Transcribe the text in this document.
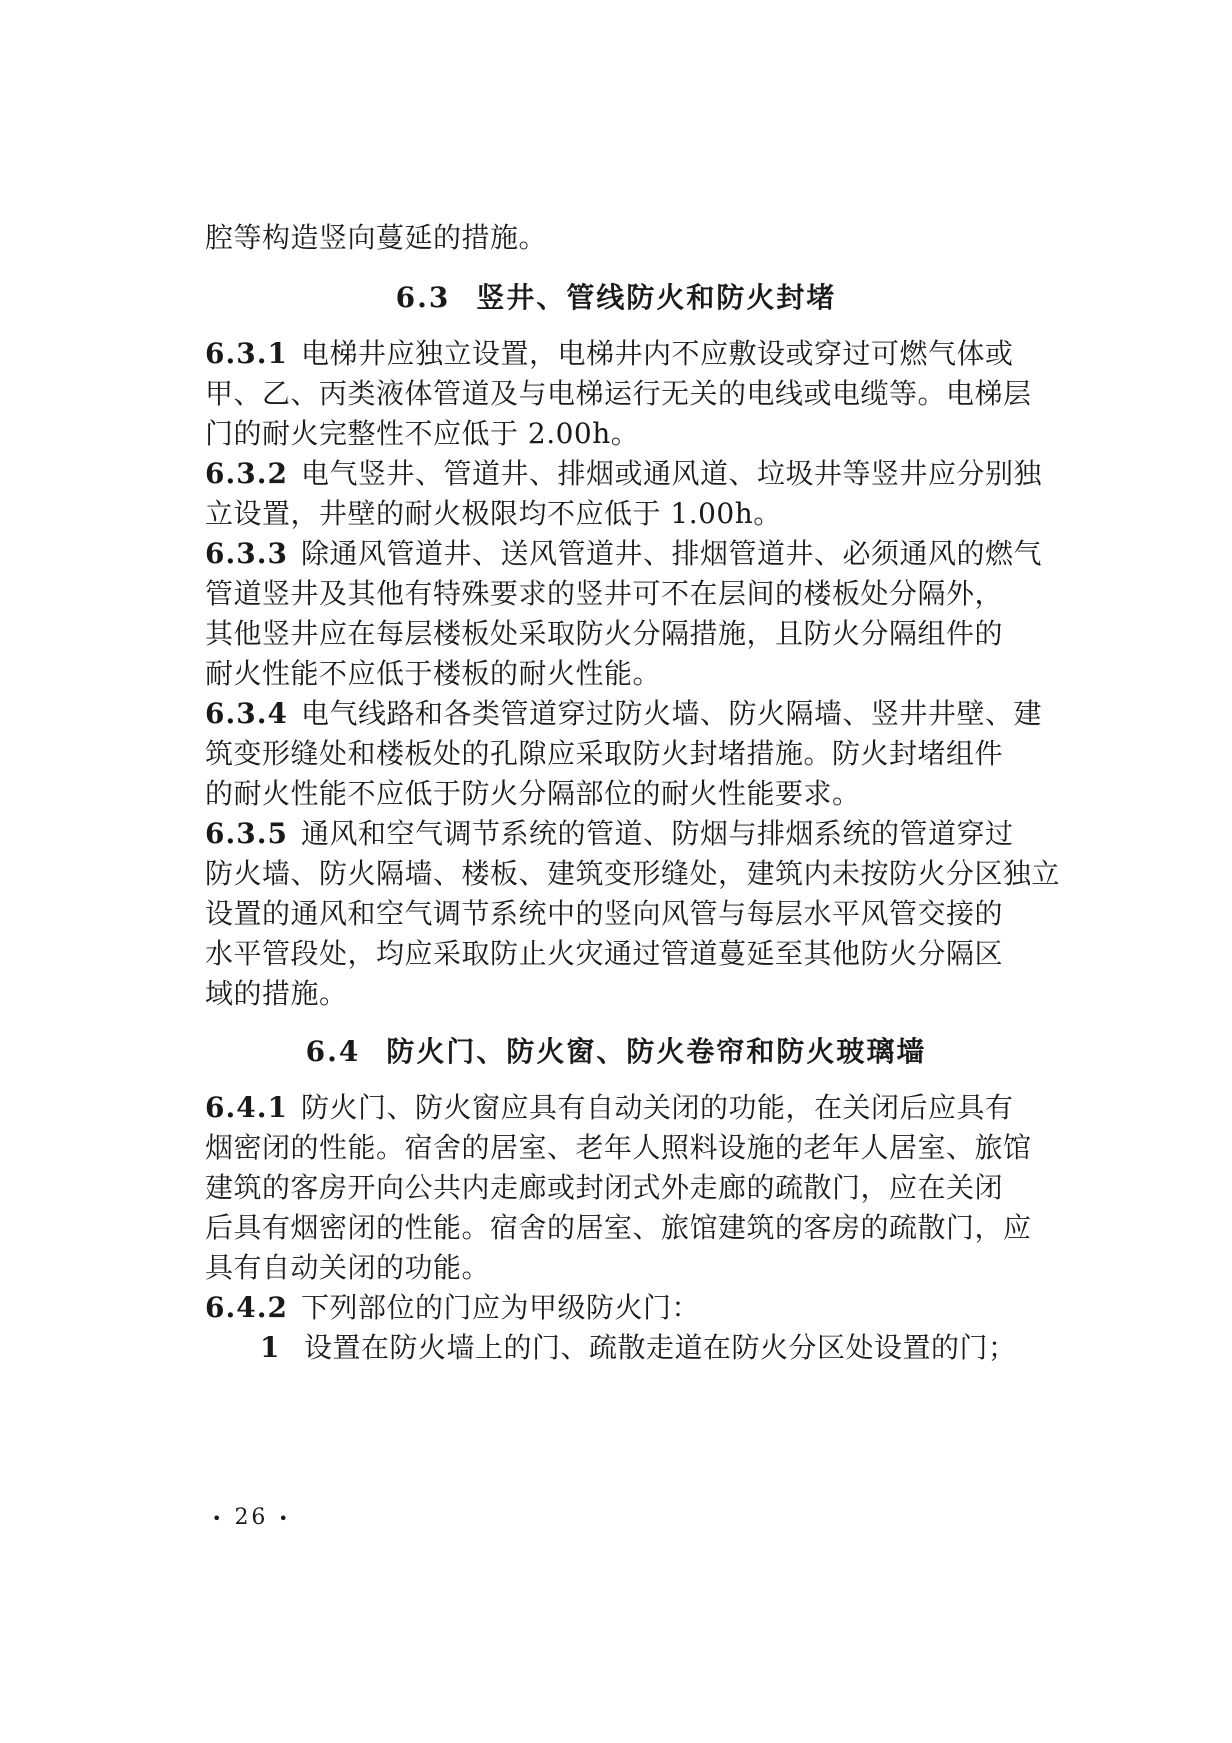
腔等构造竖向蔓延的措施。
6.3 竖井、管线防火和防火封堵
6.3.1 电梯井应独立设置，电梯井内不应敷设或穿过可燃气体或
甲、乙、丙类液体管道及与电梯运行无关的电线或电缆等。电梯层
门的耐火完整性不应低于 2.00h。
6.3.2 电气竖井、管道井、排烟或通风道、垃圾井等竖井应分别独
立设置，井壁的耐火极限均不应低于 1.00h。
6.3.3 除通风管道井、送风管道井、排烟管道井、必须通风的燃气
管道竖井及其他有特殊要求的竖井可不在层间的楼板处分隔外，
其他竖井应在每层楼板处采取防火分隔措施，且防火分隔组件的
耐火性能不应低于楼板的耐火性能。
6.3.4 电气线路和各类管道穿过防火墙、防火隔墙、竖井井壁、建
筑变形缝处和楼板处的孔隙应采取防火封堵措施。防火封堵组件
的耐火性能不应低于防火分隔部位的耐火性能要求。
6.3.5 通风和空气调节系统的管道、防烟与排烟系统的管道穿过
防火墙、防火隔墙、楼板、建筑变形缝处，建筑内未按防火分区独立
设置的通风和空气调节系统中的竖向风管与每层水平风管交接的
水平管段处，均应采取防止火灾通过管道蔓延至其他防火分隔区
域的措施。
6.4 防火门、防火窗、防火卷帘和防火玻璃墙
6.4.1 防火门、防火窗应具有自动关闭的功能，在关闭后应具有
烟密闭的性能。宿舍的居室、老年人照料设施的老年人居室、旅馆
建筑的客房开向公共内走廊或封闭式外走廊的疏散门，应在关闭
后具有烟密闭的性能。宿舍的居室、旅馆建筑的客房的疏散门，应
具有自动关闭的功能。
6.4.2 下列部位的门应为甲级防火门：
1 设置在防火墙上的门、疏散走道在防火分区处设置的门；
• 26 •
